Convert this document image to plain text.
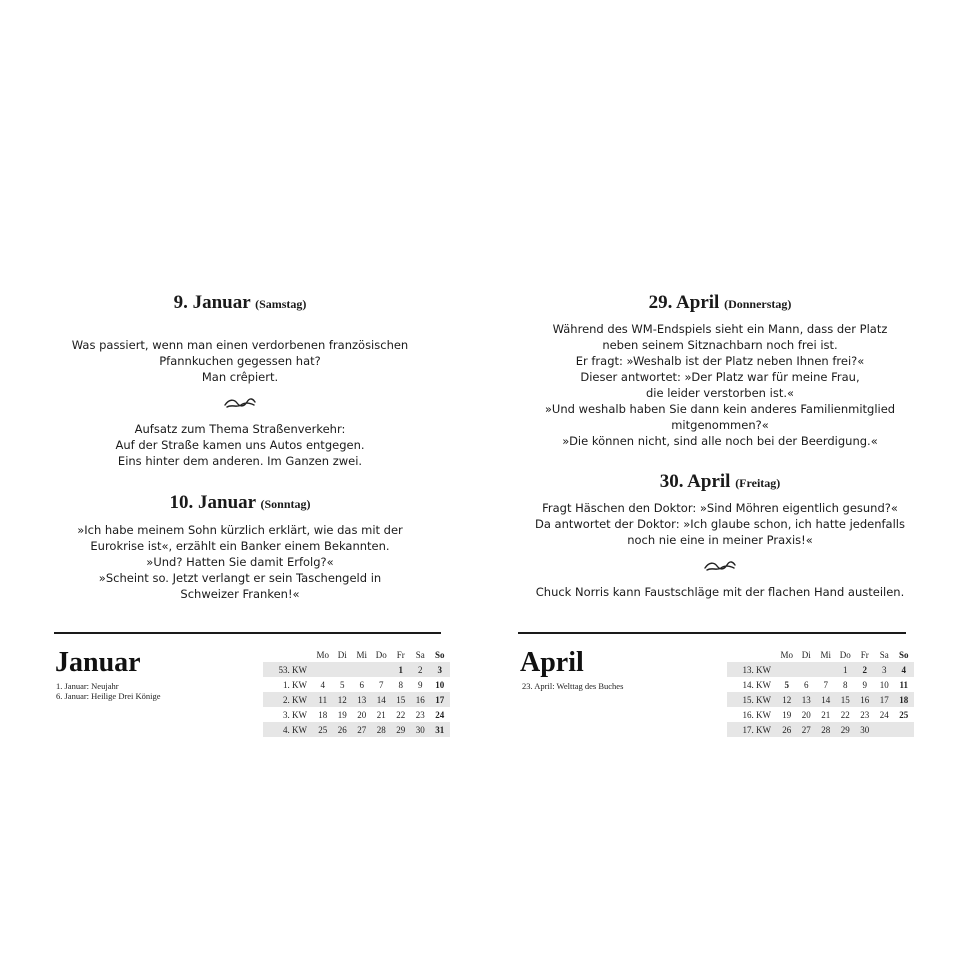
9. Januar (Samstag)

Was passiert, wenn man einen verdorbenen französischen
Pfannkuchen gegessen hat?
Man crêpiert.

Aufsatz zum Thema Straßenverkehr:
Auf der Straße kamen uns Autos entgegen.
Eins hinter dem anderen. Im Ganzen zwei.

10. Januar (Sonntag)

»Ich habe meinem Sohn kürzlich erklärt, wie das mit der
Eurokrise ist«, erzählt ein Banker einem Bekannten.
»Und? Hatten Sie damit Erfolg?«
»Scheint so. Jetzt verlangt er sein Taschengeld in
Schweizer Franken!«

Januar
1. Januar: Neujahr
6. Januar: Heilige Drei Könige
	Mo	Di	Mi	Do	Fr	Sa	So
53. KW					1	2	3
1. KW	4	5	6	7	8	9	10
2. KW	11	12	13	14	15	16	17
3. KW	18	19	20	21	22	23	24
4. KW	25	26	27	28	29	30	31
29. April (Donnerstag)

Während des WM-Endspiels sieht ein Mann, dass der Platz
neben seinem Sitznachbarn noch frei ist.
Er fragt: »Weshalb ist der Platz neben Ihnen frei?«
Dieser antwortet: »Der Platz war für meine Frau,
die leider verstorben ist.«
»Und weshalb haben Sie dann kein anderes Familienmitglied
mitgenommen?«
»Die können nicht, sind alle noch bei der Beerdigung.«

30. April (Freitag)

Fragt Häschen den Doktor: »Sind Möhren eigentlich gesund?«
Da antwortet der Doktor: »Ich glaube schon, ich hatte jedenfalls
noch nie eine in meiner Praxis!«

Chuck Norris kann Faustschläge mit der flachen Hand austeilen.

April
23. April: Welttag des Buches
	Mo	Di	Mi	Do	Fr	Sa	So
13. KW				1	2	3	4
14. KW	5	6	7	8	9	10	11
15. KW	12	13	14	15	16	17	18
16. KW	19	20	21	22	23	24	25
17. KW	26	27	28	29	30		
